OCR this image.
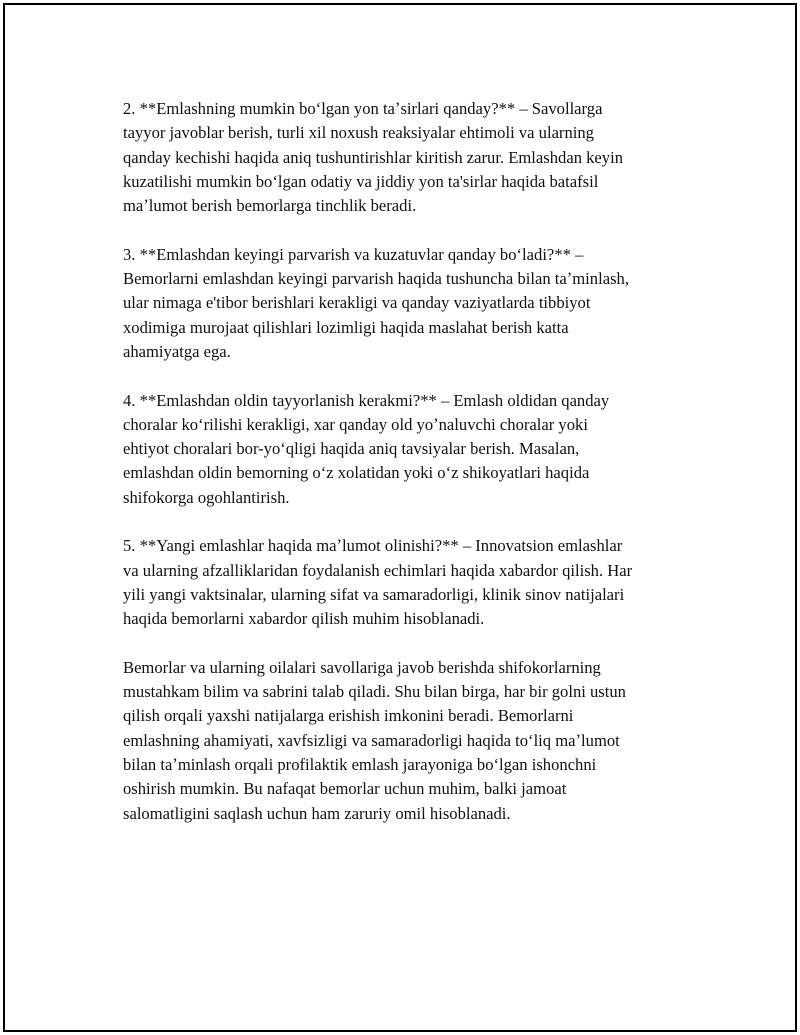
2. **Emlashning mumkin boʻlgan yon taʼsirlari qanday?** – Savollarga
tayyor javoblar berish, turli xil noxush reaksiyalar ehtimoli va ularning
qanday kechishi haqida aniq tushuntirishlar kiritish zarur. Emlashdan keyin
kuzatilishi mumkin boʻlgan odatiy va jiddiy yon ta'sirlar haqida batafsil
maʼlumot berish bemorlarga tinchlik beradi.

3. **Emlashdan keyingi parvarish va kuzatuvlar qanday boʻladi?** –
Bemorlarni emlashdan keyingi parvarish haqida tushuncha bilan taʼminlash,
ular nimaga e'tibor berishlari kerakligi va qanday vaziyatlarda tibbiyot
xodimiga murojaat qilishlari lozimligi haqida maslahat berish katta
ahamiyatga ega.

4. **Emlashdan oldin tayyorlanish kerakmi?** – Emlash oldidan qanday
choralar koʻrilishi kerakligi, xar qanday old yoʼnaluvchi choralar yoki
ehtiyot choralari bor-yoʻqligi haqida aniq tavsiyalar berish. Masalan,
emlashdan oldin bemorning oʻz xolatidan yoki oʻz shikoyatlari haqida
shifokorga ogohlantirish.

5. **Yangi emlashlar haqida maʼlumot olinishi?** – Innovatsion emlashlar
va ularning afzalliklaridan foydalanish echimlari haqida xabardor qilish. Har
yili yangi vaktsinalar, ularning sifat va samaradorligi, klinik sinov natijalari
haqida bemorlarni xabardor qilish muhim hisoblanadi.

Bemorlar va ularning oilalari savollariga javob berishda shifokorlarning
mustahkam bilim va sabrini talab qiladi. Shu bilan birga, har bir golni ustun
qilish orqali yaxshi natijalarga erishish imkonini beradi. Bemorlarni
emlashning ahamiyati, xavfsizligi va samaradorligi haqida toʻliq maʼlumot
bilan taʼminlash orqali profilaktik emlash jarayoniga boʻlgan ishonchni
oshirish mumkin. Bu nafaqat bemorlar uchun muhim, balki jamoat
salomatligini saqlash uchun ham zaruriy omil hisoblanadi.
